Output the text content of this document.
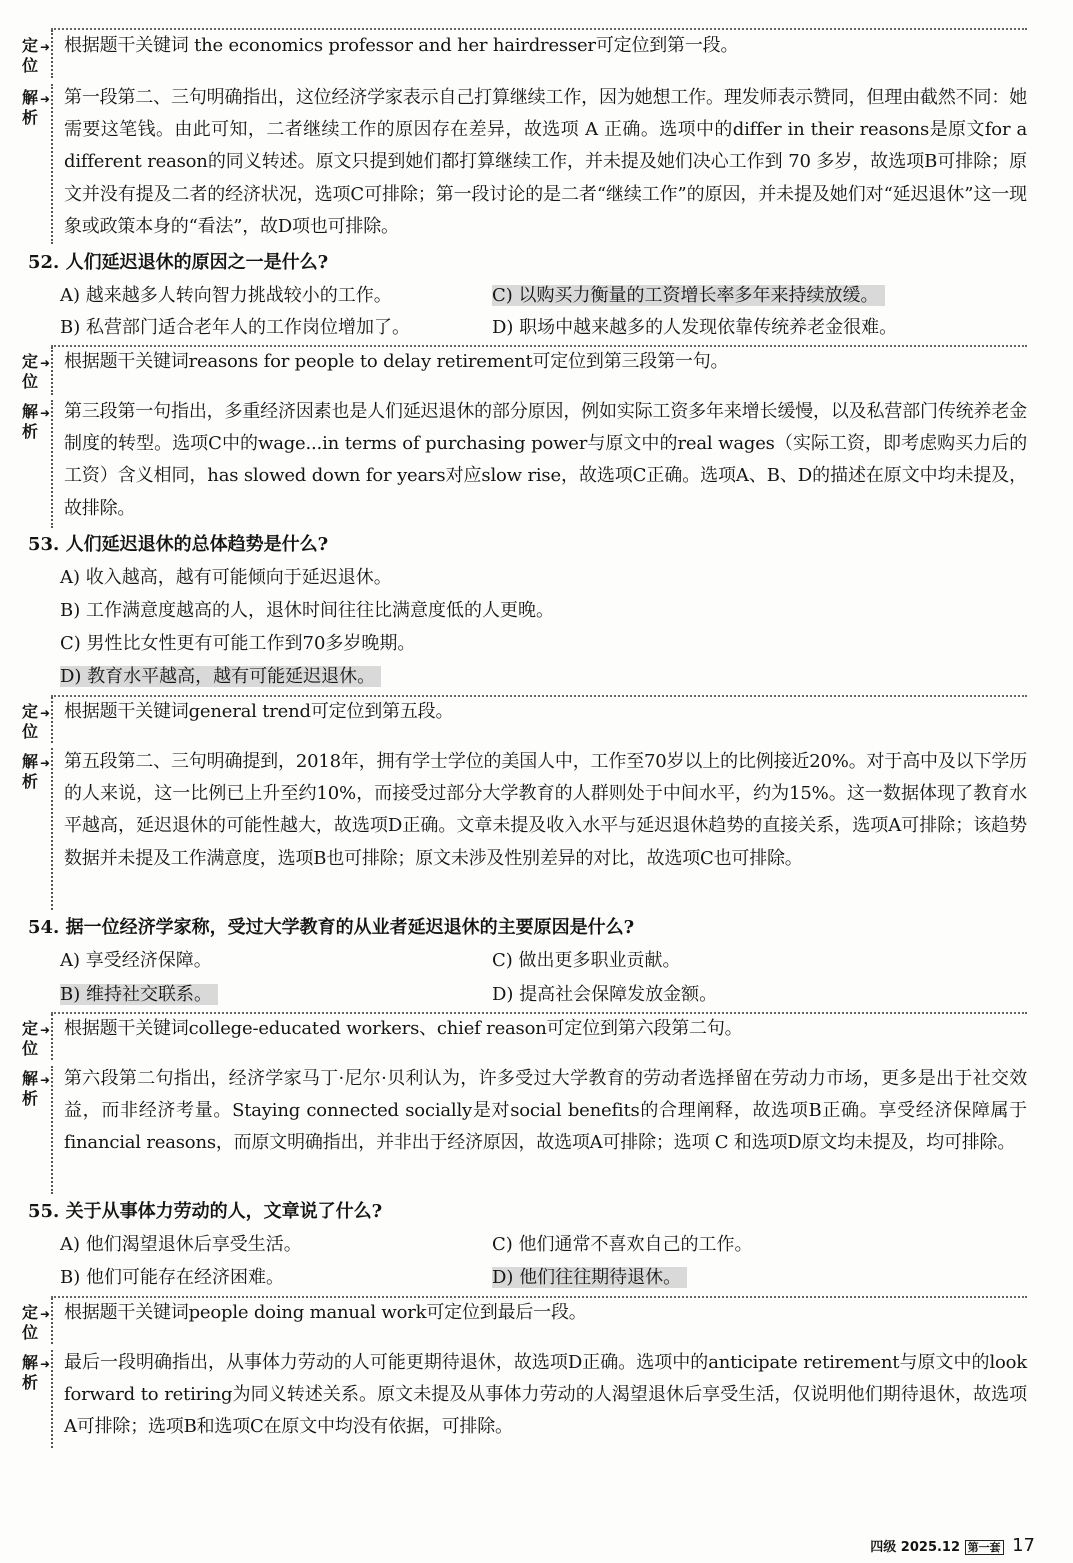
定
位
➜ 根据题干关键词 the economics professor and her hairdresser可定位到第一段。
解
析
➜ 第一段第二、三句明确指出，这位经济学家表示自己打算继续工作，因为她想工作。理发师表示赞同，但理由截然不同：她需要这笔钱。由此可知，二者继续工作的原因存在差异，故选项 A 正确。选项中的differ in their reasons是原文for a different reason的同义转述。原文只提到她们都打算继续工作，并未提及她们决心工作到 70 多岁，故选项B可排除；原文并没有提及二者的经济状况，选项C可排除；第一段讨论的是二者“继续工作”的原因，并未提及她们对“延迟退休”这一现象或政策本身的“看法”，故D项也可排除。
52. 人们延迟退休的原因之一是什么?
A) 越来越多人转向智力挑战较小的工作。	C) 以购买力衡量的工资增长率多年来持续放缓。
B) 私营部门适合老年人的工作岗位增加了。	D) 职场中越来越多的人发现依靠传统养老金很难。
定
位
➜ 根据题干关键词reasons for people to delay retirement可定位到第三段第一句。
解
析
➜ 第三段第一句指出，多重经济因素也是人们延迟退休的部分原因，例如实际工资多年来增长缓慢，以及私营部门传统养老金制度的转型。选项C中的wage...in terms of purchasing power与原文中的real wages（实际工资，即考虑购买力后的工资）含义相同，has slowed down for years对应slow rise，故选项C正确。选项A、B、D的描述在原文中均未提及，故排除。
53. 人们延迟退休的总体趋势是什么?
A) 收入越高，越有可能倾向于延迟退休。
B) 工作满意度越高的人，退休时间往往比满意度低的人更晚。
C) 男性比女性更有可能工作到70多岁晚期。
D) 教育水平越高，越有可能延迟退休。
定
位
➜ 根据题干关键词general trend可定位到第五段。
解
析
➜ 第五段第二、三句明确提到，2018年，拥有学士学位的美国人中，工作至70岁以上的比例接近20%。对于高中及以下学历的人来说，这一比例已上升至约10%，而接受过部分大学教育的人群则处于中间水平，约为15%。这一数据体现了教育水平越高，延迟退休的可能性越大，故选项D正确。文章未提及收入水平与延迟退休趋势的直接关系，选项A可排除；该趋势数据并未提及工作满意度，选项B也可排除；原文未涉及性别差异的对比，故选项C也可排除。
54. 据一位经济学家称，受过大学教育的从业者延迟退休的主要原因是什么?
A) 享受经济保障。	C) 做出更多职业贡献。
B) 维持社交联系。	D) 提高社会保障发放金额。
定
位
➜ 根据题干关键词college-educated workers、chief reason可定位到第六段第二句。
解
析
➜ 第六段第二句指出，经济学家马丁·尼尔·贝利认为，许多受过大学教育的劳动者选择留在劳动力市场，更多是出于社交效益，而非经济考量。Staying connected socially是对social benefits的合理阐释，故选项B正确。享受经济保障属于financial reasons，而原文明确指出，并非出于经济原因，故选项A可排除；选项 C 和选项D原文均未提及，均可排除。
55. 关于从事体力劳动的人，文章说了什么?
A) 他们渴望退休后享受生活。	C) 他们通常不喜欢自己的工作。
B) 他们可能存在经济困难。	D) 他们往往期待退休。
定
位
➜ 根据题干关键词people doing manual work可定位到最后一段。
解
析
➜ 最后一段明确指出，从事体力劳动的人可能更期待退休，故选项D正确。选项中的anticipate retirement与原文中的look forward to retiring为同义转述关系。原文未提及从事体力劳动的人渴望退休后享受生活，仅说明他们期待退休，故选项A可排除；选项B和选项C在原文中均没有依据，可排除。
四级 2025.12 第一套 17
